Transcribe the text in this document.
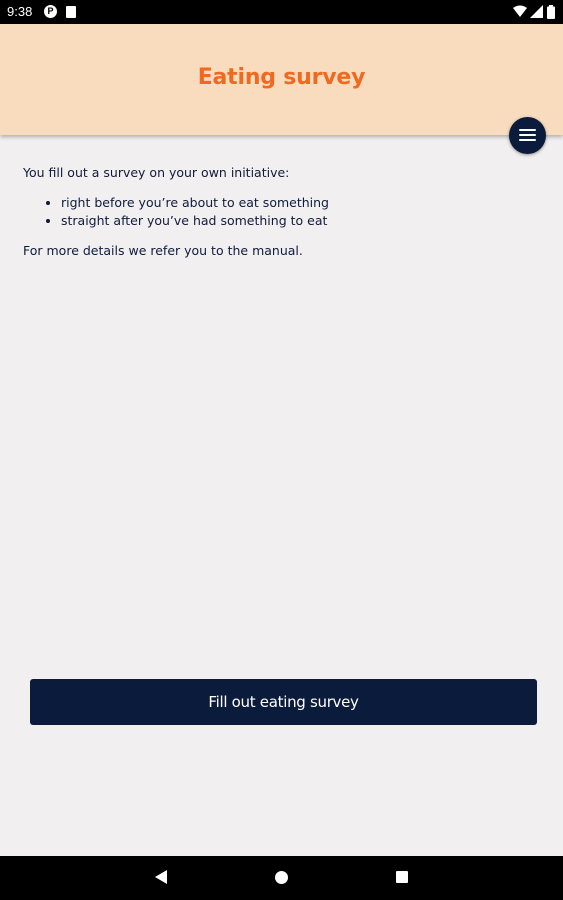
9:38	P
Eating survey

You fill out a survey on your own initiative:

• right before you’re about to eat something
• straight after you’ve had something to eat

For more details we refer you to the manual.

Fill out eating survey
